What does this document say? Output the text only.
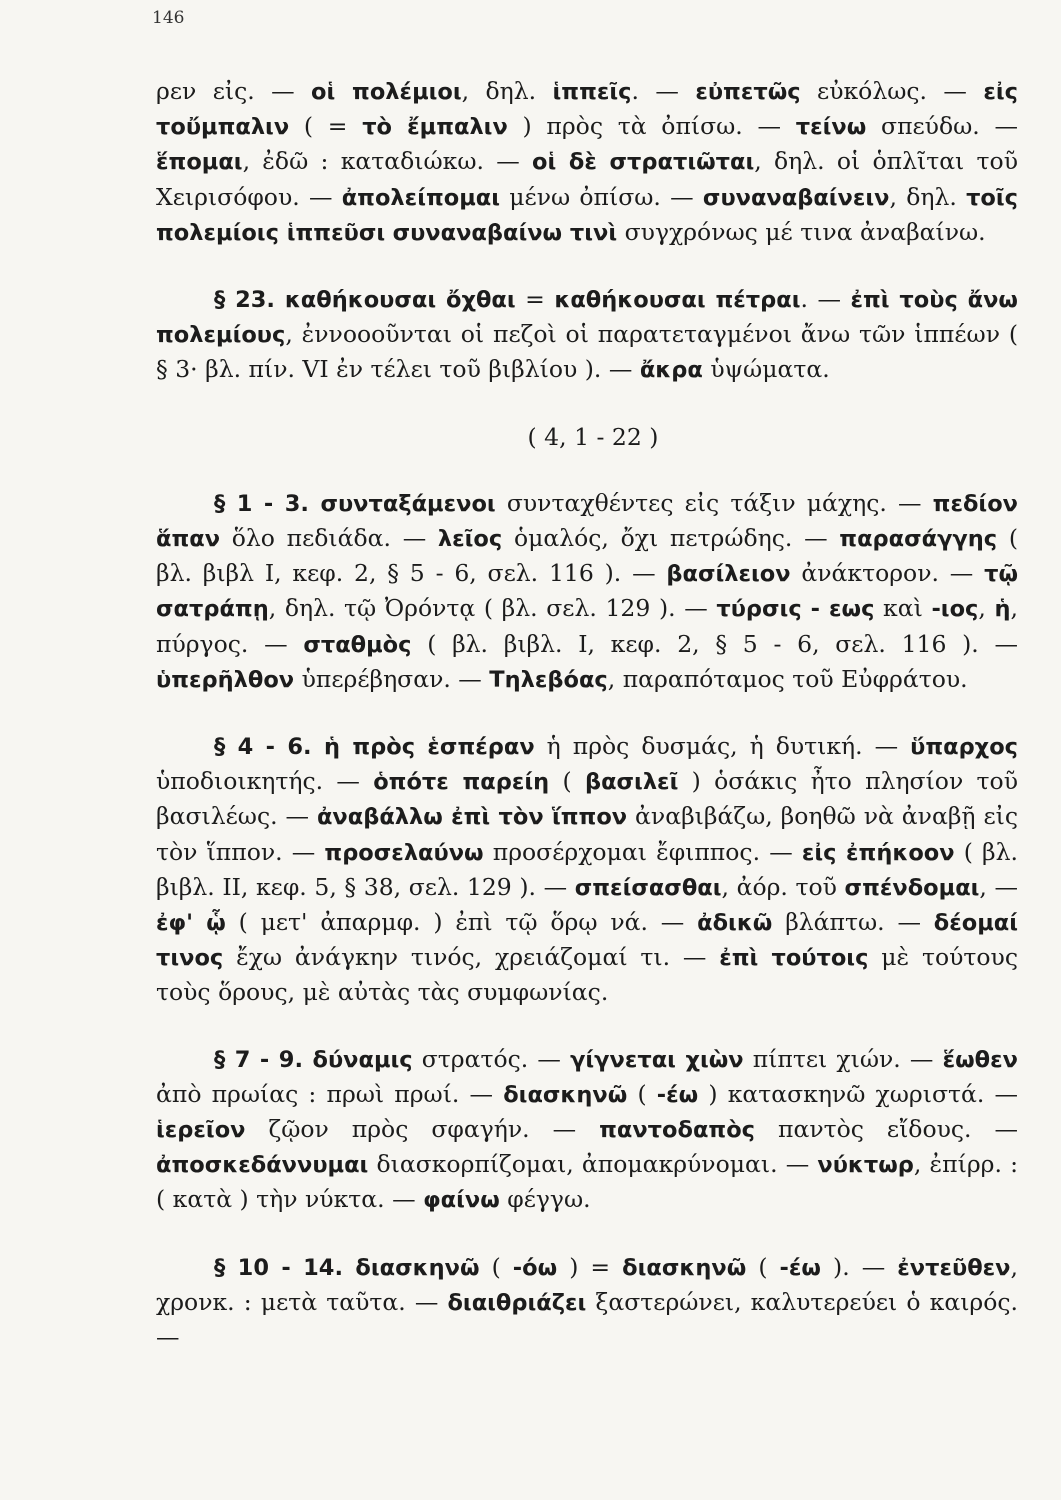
146

ρεν εἰς. — οἱ πολέμιοι, δηλ. ἱππεῖς. — εὐπετῶς εὐκόλως. — εἰς τοὔμπαλιν ( = τὸ ἔμπαλιν ) πρὸς τὰ ὀπίσω. — τείνω σπεύδω. — ἕπομαι, ἐδῶ : καταδιώκω. — οἱ δὲ στρατιῶται, δηλ. οἱ ὁπλῖται τοῦ Χειρισόφου. — ἀπολείπομαι μένω ὀπίσω. — συναναβαίνειν, δηλ. τοῖς πολεμίοις ἱππεῦσι συναναβαίνω τινὶ συγχρόνως μέ τινα ἀναβαίνω.

§ 23. καθήκουσαι ὄχθαι = καθήκουσαι πέτραι. — ἐπὶ τοὺς ἄνω πολεμίους, ἐννοοοῦνται οἱ πεζοὶ οἱ παρατεταγμένοι ἄνω τῶν ἱππέων ( § 3· βλ. πίν. VI ἐν τέλει τοῦ βιβλίου ). — ἄκρα ὑψώματα.

( 4, 1 - 22 )

§ 1 - 3. συνταξάμενοι συνταχθέντες εἰς τάξιν μάχης. — πεδίον ἅπαν ὅλο πεδιάδα. — λεῖος ὁμαλός, ὄχι πετρώδης. — παρασάγγης ( βλ. βιβλ I, κεφ. 2, § 5 - 6, σελ. 116 ). — βασίλειον ἀνάκτορον. — τῷ σατράπῃ, δηλ. τῷ Ὀρόντᾳ ( βλ. σελ. 129 ). — τύρσις - εως καὶ -ιος, ἡ, πύργος. — σταθμὸς ( βλ. βιβλ. I, κεφ. 2, § 5 - 6, σελ. 116 ). — ὑπερῆλθον ὑπερέβησαν. — Τηλεβόας, παραπόταμος τοῦ Εὐφράτου.

§ 4 - 6. ἡ πρὸς ἑσπέραν ἡ πρὸς δυσμάς, ἡ δυτική. — ὕπαρχος ὑποδιοικητής. — ὁπότε παρείη ( βασιλεῖ ) ὁσάκις ἦτο πλησίον τοῦ βασιλέως. — ἀναβάλλω ἐπὶ τὸν ἵππον ἀναβιβάζω, βοηθῶ νὰ ἀναβῇ εἰς τὸν ἵππον. — προσελαύνω προσέρχομαι ἔφιππος. — εἰς ἐπήκοον ( βλ. βιβλ. II, κεφ. 5, § 38, σελ. 129 ). — σπείσασθαι, ἀόρ. τοῦ σπένδομαι, — ἐφ' ᾧ ( μετ' ἀπαρμφ. ) ἐπὶ τῷ ὅρῳ νά. — ἀδικῶ βλάπτω. — δέομαί τινος ἔχω ἀνάγκην τινός, χρειάζομαί τι. — ἐπὶ τούτοις μὲ τούτους τοὺς ὅρους, μὲ αὐτὰς τὰς συμφωνίας.

§ 7 - 9. δύναμις στρατός. — γίγνεται χιὼν πίπτει χιών. — ἕωθεν ἀπὸ πρωίας : πρωὶ πρωί. — διασκηνῶ ( -έω ) κατασκηνῶ χωριστά. — ἱερεῖον ζῷον πρὸς σφαγήν. — παντοδαπὸς παντὸς εἴδους. — ἀποσκεδάννυμαι διασκορπίζομαι, ἀπομακρύνομαι. — νύκτωρ, ἐπίρρ. : ( κατὰ ) τὴν νύκτα. — φαίνω φέγγω.

§ 10 - 14. διασκηνῶ ( -όω ) = διασκηνῶ ( -έω ). — ἐντεῦθεν, χρονκ. : μετὰ ταῦτα. — διαιθριάζει ξαστερώνει, καλυτερεύει ὁ καιρός. —
